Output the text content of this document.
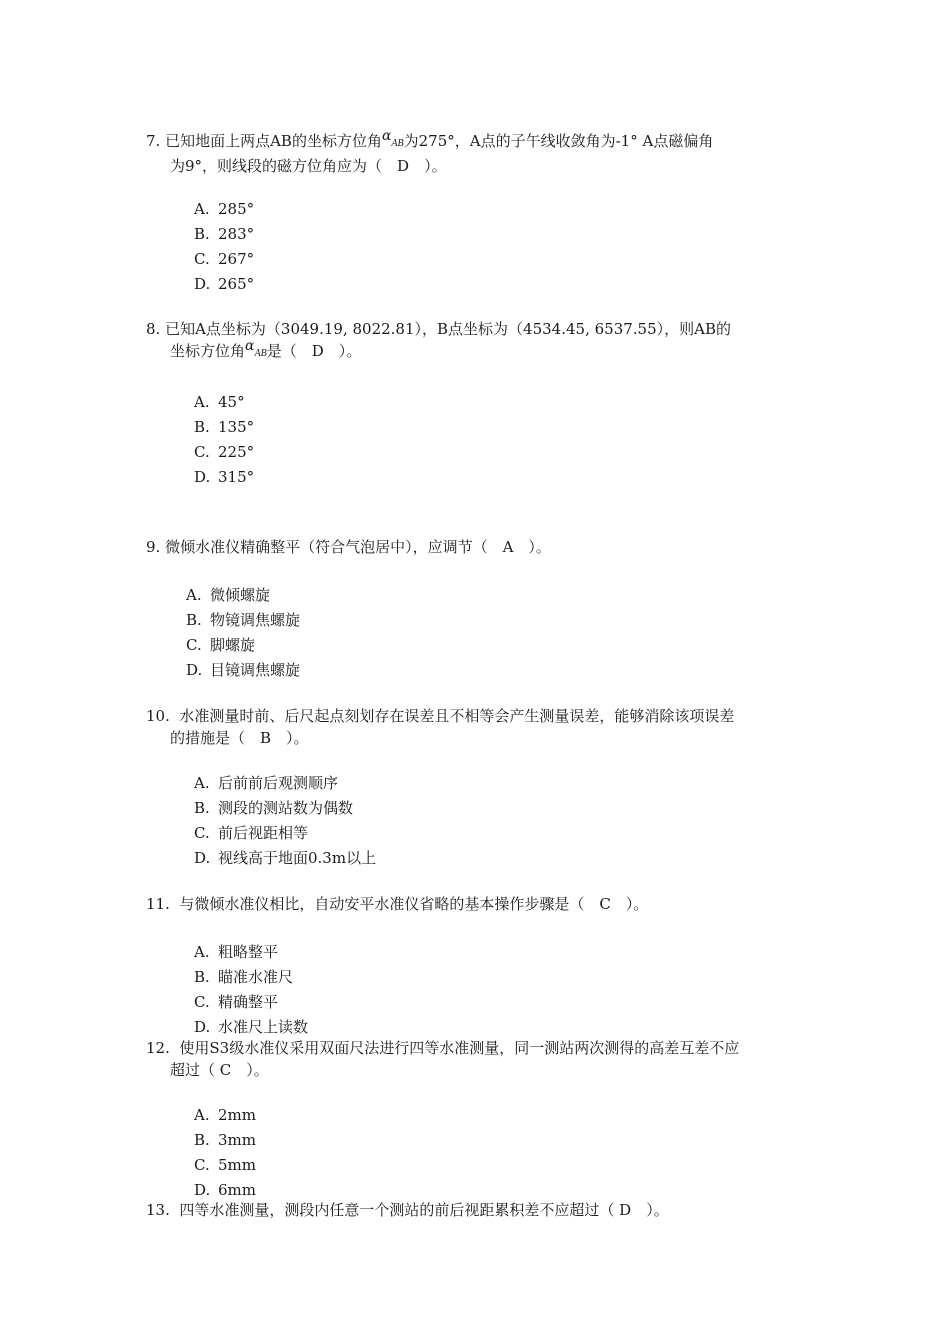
7. 已知地面上两点AB的坐标方位角αAB为275°，A点的子午线收敛角为-1° A点磁偏角
为9°，则线段的磁方位角应为（　D　）。
A. 285°
B. 283°
C. 267°
D. 265°
8. 已知A点坐标为（3049.19, 8022.81），B点坐标为（4534.45, 6537.55），则AB的
坐标方位角αAB是（　D　）。
A. 45°
B. 135°
C. 225°
D. 315°
9. 微倾水准仪精确整平（符合气泡居中），应调节（　A　）。
A. 微倾螺旋
B. 物镜调焦螺旋
C. 脚螺旋
D. 目镜调焦螺旋
10. 水准测量时前、后尺起点刻划存在误差且不相等会产生测量误差，能够消除该项误差
的措施是（　B　）。
A. 后前前后观测顺序
B. 测段的测站数为偶数
C. 前后视距相等
D. 视线高于地面0.3m以上
11. 与微倾水准仪相比，自动安平水准仪省略的基本操作步骤是（　C　）。
A. 粗略整平
B. 瞄准水准尺
C. 精确整平
D. 水准尺上读数
12. 使用S3级水准仪采用双面尺法进行四等水准测量，同一测站两次测得的高差互差不应
超过（ C　）。
A. 2mm
B. 3mm
C. 5mm
D. 6mm
13. 四等水准测量，测段内任意一个测站的前后视距累积差不应超过（ D　）。
